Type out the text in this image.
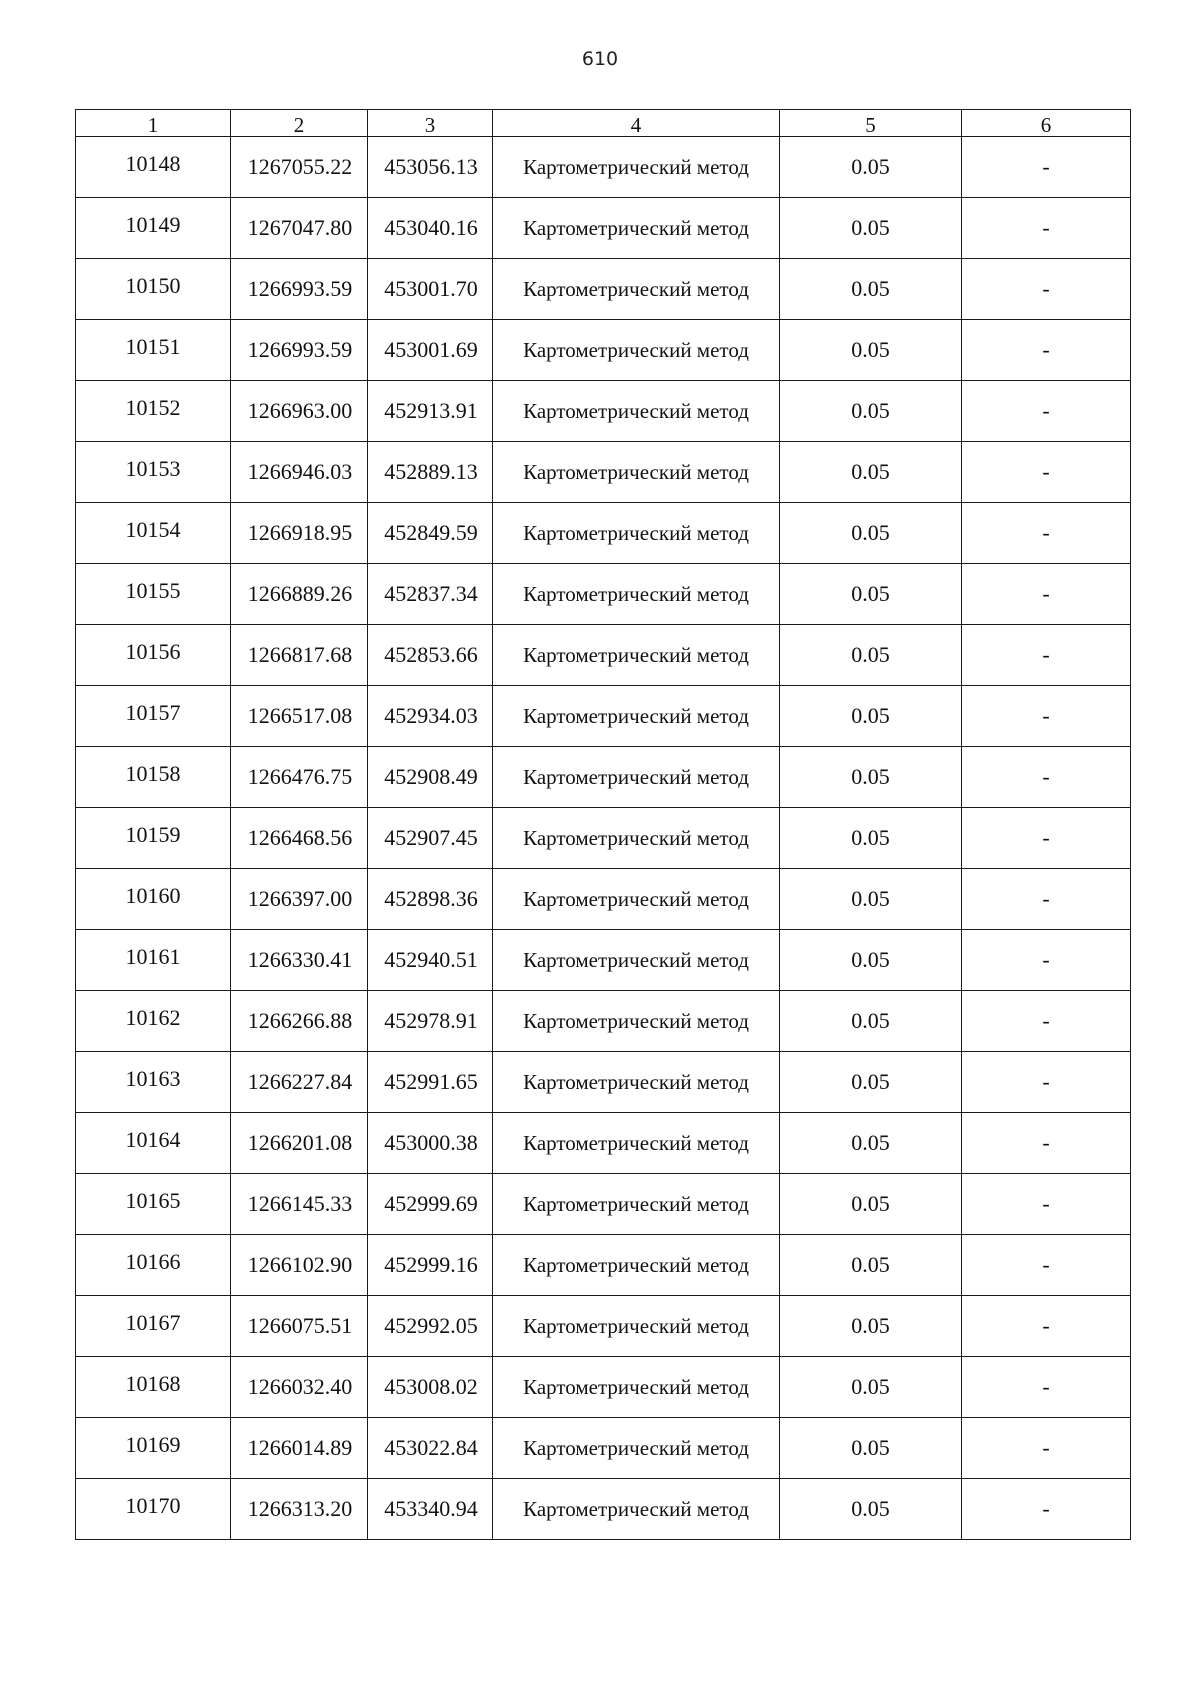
610
1	2	3	4	5	6
10148	1267055.22	453056.13	Картометрический метод	0.05	-
10149	1267047.80	453040.16	Картометрический метод	0.05	-
10150	1266993.59	453001.70	Картометрический метод	0.05	-
10151	1266993.59	453001.69	Картометрический метод	0.05	-
10152	1266963.00	452913.91	Картометрический метод	0.05	-
10153	1266946.03	452889.13	Картометрический метод	0.05	-
10154	1266918.95	452849.59	Картометрический метод	0.05	-
10155	1266889.26	452837.34	Картометрический метод	0.05	-
10156	1266817.68	452853.66	Картометрический метод	0.05	-
10157	1266517.08	452934.03	Картометрический метод	0.05	-
10158	1266476.75	452908.49	Картометрический метод	0.05	-
10159	1266468.56	452907.45	Картометрический метод	0.05	-
10160	1266397.00	452898.36	Картометрический метод	0.05	-
10161	1266330.41	452940.51	Картометрический метод	0.05	-
10162	1266266.88	452978.91	Картометрический метод	0.05	-
10163	1266227.84	452991.65	Картометрический метод	0.05	-
10164	1266201.08	453000.38	Картометрический метод	0.05	-
10165	1266145.33	452999.69	Картометрический метод	0.05	-
10166	1266102.90	452999.16	Картометрический метод	0.05	-
10167	1266075.51	452992.05	Картометрический метод	0.05	-
10168	1266032.40	453008.02	Картометрический метод	0.05	-
10169	1266014.89	453022.84	Картометрический метод	0.05	-
10170	1266313.20	453340.94	Картометрический метод	0.05	-
